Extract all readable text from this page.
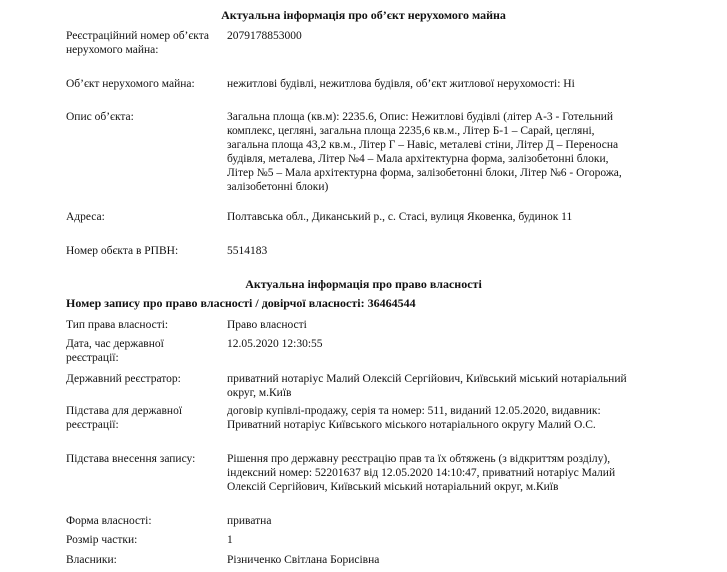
Актуальна інформація про об’єкт нерухомого майна
Реєстраційний номер об’єкта нерухомого майна:
2079178853000
Об’єкт нерухомого майна:	нежитлові будівлі, нежитлова будівля, об’єкт житлової нерухомості: Ні
Опис об’єкта:	Загальна площа (кв.м): 2235.6, Опис: Нежитлові будівлі (літер А-3 - Готельний комплекс, цеглянi, загальна площа 2235,6 кв.м., Літер Б-1 – Сарай, цеглянi, загальна площа 43,2 кв.м., Літер Г – Навіс, металеві стіни, Літер Д – Переносна будівля, металева, Літер №4 – Мала архітектурна форма, залізобетонні блоки, Літер №5 – Мала архітектурна форма, залізобетонні блоки, Літер №6 - Огорожа, залізобетонні блоки)
Адреса:	Полтавська обл., Диканський р., с. Стасі, вулиця Яковенка, будинок 11
Номер обєкта в РПВН:	5514183
Актуальна інформація про право власності
Номер запису про право власності / довірчої власності: 36464544
Тип права власності:	Право власності
Дата, час державної реєстрації:
12.05.2020 12:30:55
Державний реєстратор:	приватний нотаріус Малий Олексій Сергійович, Київський міський нотаріальний округ, м.Київ
Підстава для державної реєстрації:
договір купівлі-продажу, серія та номер: 511, виданий 12.05.2020, видавник: Приватний нотаріус Київського міського нотаріального округу Малий О.С.
Підстава внесення запису:	Рішення про державну реєстрацію прав та їх обтяжень (з відкриттям розділу), індексний номер: 52201637 від 12.05.2020 14:10:47, приватний нотаріус Малий Олексій Сергійович, Київський міський нотаріальний округ, м.Київ
Форма власності:	приватна
Розмір частки:	1
Власники:	Різниченко Світлана Борисівна
